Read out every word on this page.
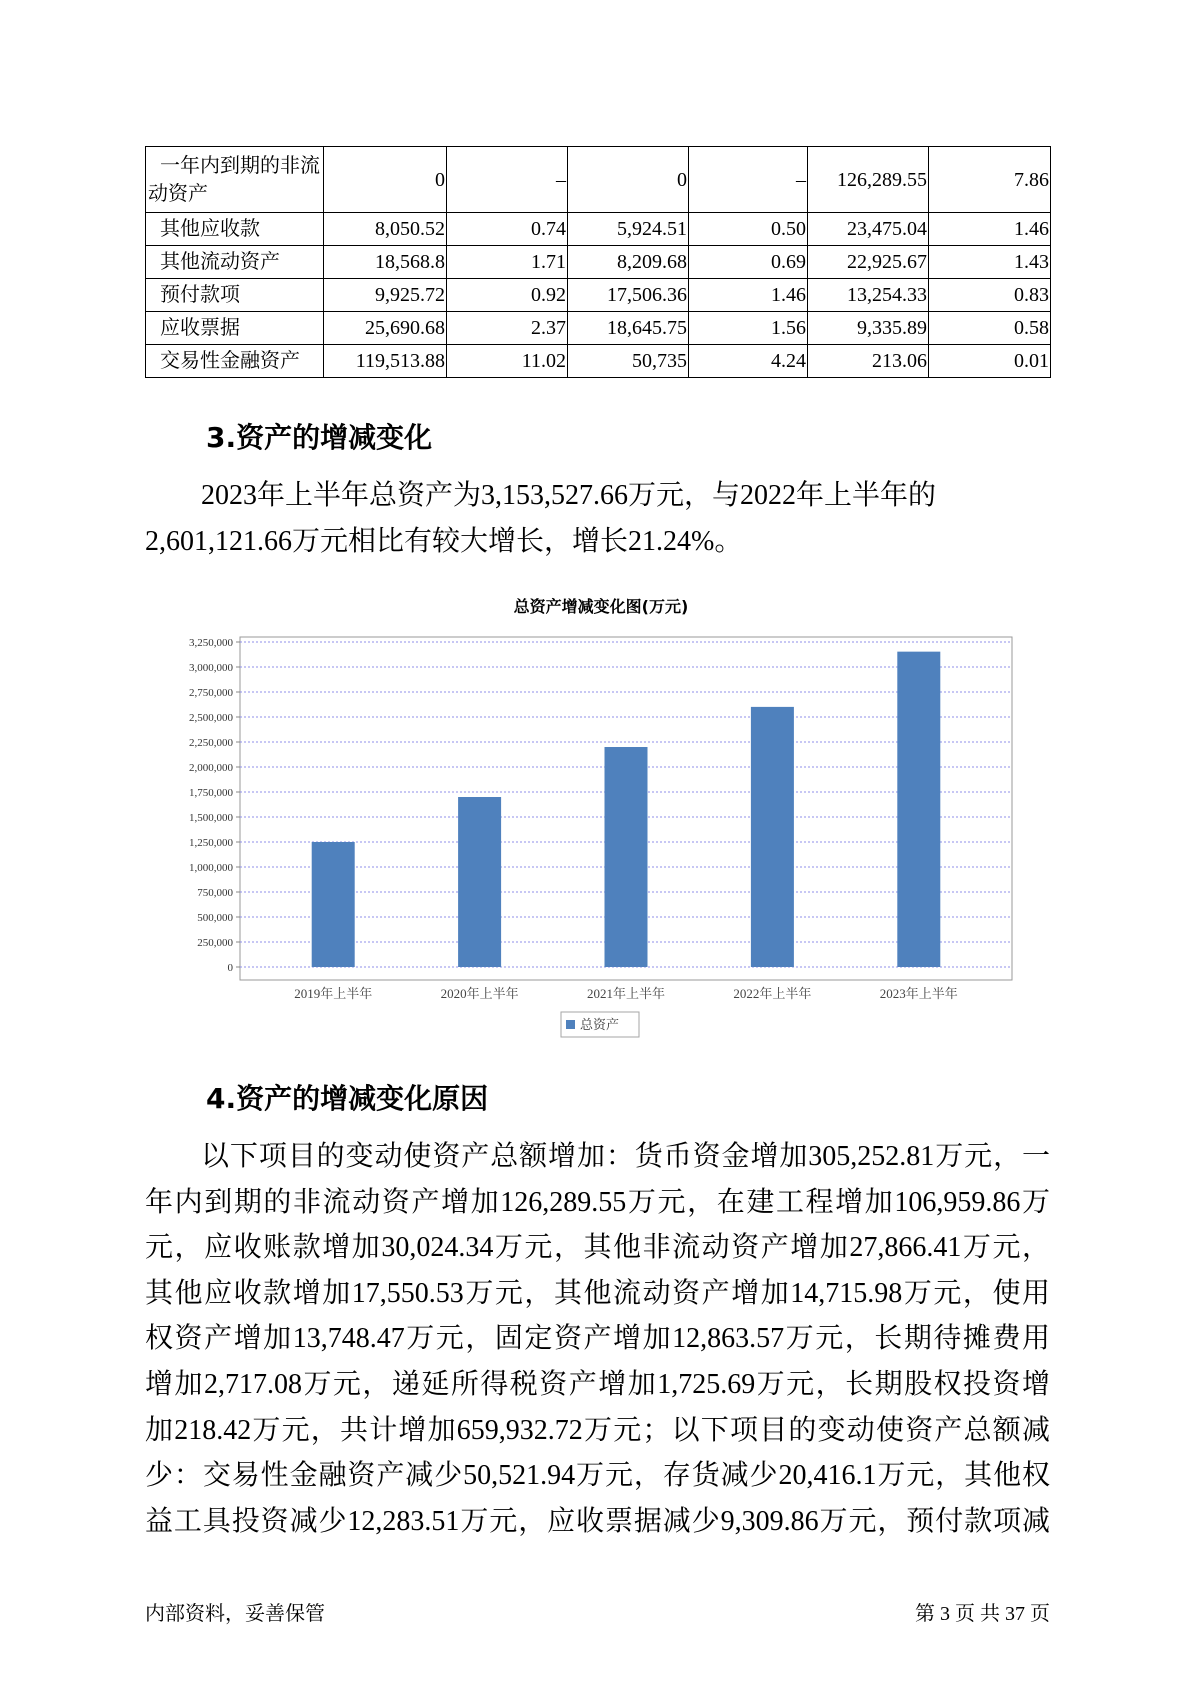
一年内到期的非流动资产	0	–	0	–	126,289.55	7.86
其他应收款	8,050.52	0.74	5,924.51	0.50	23,475.04	1.46
其他流动资产	18,568.8	1.71	8,209.68	0.69	22,925.67	1.43
预付款项	9,925.72	0.92	17,506.36	1.46	13,254.33	0.83
应收票据	25,690.68	2.37	18,645.75	1.56	9,335.89	0.58
交易性金融资产	119,513.88	11.02	50,735	4.24	213.06	0.01
3.资产的增减变化
2023年上半年总资产为3,153,527.66万元，与2022年上半年的
2,601,121.66万元相比有较大增长，增长21.24%。
总资产增减变化图(万元)
0
250,000
500,000
750,000
1,000,000
1,250,000
1,500,000
1,750,000
2,000,000
2,250,000
2,500,000
2,750,000
3,000,000
3,250,000
2019年上半年	2020年上半年	2021年上半年	2022年上半年	2023年上半年
总资产
4.资产的增减变化原因
以下项目的变动使资产总额增加：货币资金增加305,252.81万元，一
年内到期的非流动资产增加126,289.55万元，在建工程增加106,959.86万
元，应收账款增加30,024.34万元，其他非流动资产增加27,866.41万元，
其他应收款增加17,550.53万元，其他流动资产增加14,715.98万元，使用
权资产增加13,748.47万元，固定资产增加12,863.57万元，长期待摊费用
增加2,717.08万元，递延所得税资产增加1,725.69万元，长期股权投资增
加218.42万元，共计增加659,932.72万元；以下项目的变动使资产总额减
少：交易性金融资产减少50,521.94万元，存货减少20,416.1万元，其他权
益工具投资减少12,283.51万元，应收票据减少9,309.86万元，预付款项减
内部资料，妥善保管	第 3 页 共 37 页
